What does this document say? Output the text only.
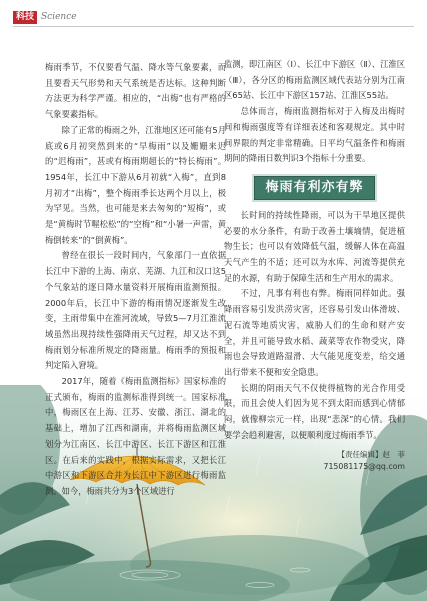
科技 Science

梅雨季节，不仅要看气温、降水等气象要素，而且要看天气形势和天气系统是否达标。这种判断方法更为科学严谨。相应的，“出梅”也有严格的气象要素指标。

除了正常的梅雨之外，江淮地区还可能有5月底或6月初突然到来的“早梅雨”以及姗姗来迟的“迟梅雨”，甚或有梅雨期超长的“特长梅雨”。1954年，长江中下游从6月初就“入梅”，直到8月初才“出梅”，整个梅雨季长达两个月以上，极为罕见。当然，也可能是来去匆匆的“短梅”，或是“黄梅时节喔松松”的“空梅”和“小暑一声雷，黄梅倒转来”的“倒黄梅”。

曾经在很长一段时间内，气象部门一直依据长江中下游的上海、南京、芜湖、九江和汉口这5个气象站的逐日降水量资料开展梅雨监测预报。2000年后，长江中下游的梅雨情况逐渐发生改变，主雨带集中在淮河流域，导致5—7月江淮流域虽然出现持续性强降雨天气过程，却又达不到梅雨划分标准所规定的降雨量。梅雨季的预报和判定陷入窘境。

2017年，随着《梅雨监测指标》国家标准的正式颁布，梅雨的监测标准得到统一。国家标准中，梅雨区在上海、江苏、安徽、浙江、湖北的基础上，增加了江西和湖南，并将梅雨监测区域划分为江南区、长江中游区、长江下游区和江淮区。在后来的实践中，根据实际需求，又把长江中游区和下游区合并为长江中下游区进行梅雨监测。如今，梅雨共分为3个区域进行

监测，即江南区（Ⅰ）、长江中下游区（Ⅱ）、江淮区（Ⅲ），各分区的梅雨监测区域代表站分别为江南区65站、长江中下游区157站、江淮区55站。

总体而言，梅雨监测指标对于入梅及出梅时间和梅雨强度等有详细表述和客观规定。其中时间界限的判定非常精确。日平均气温条件和梅雨期间的降雨日数判识3个指标十分重要。

梅雨有利亦有弊

长时间的持续性降雨，可以为干旱地区提供必要的水分条件，有助于改善土壤墒情，促进植物生长；也可以有效降低气温，缓解人体在高温天气产生的不适；还可以为水库、河流等提供充足的水源，有助于保障生活和生产用水的需求。

不过，凡事有利也有弊。梅雨同样如此。强降雨容易引发洪涝灾害，还容易引发山体滑坡、泥石流等地质灾害，威胁人们的生命和财产安全，并且可能导致水稻、蔬菜等农作物受灾，降雨也会导致道路湿滑、大气能见度变差，给交通出行带来不便和安全隐患。

长期的阴雨天气不仅使得植物的光合作用受限，而且会使人们因为见不到太阳而感到心情郁闷，就像柳宗元一样，出现“悲深”的心情。我们要学会趋利避害，以便顺利度过梅雨季节。

【责任编辑】赵　菲
715081175@qq.com
